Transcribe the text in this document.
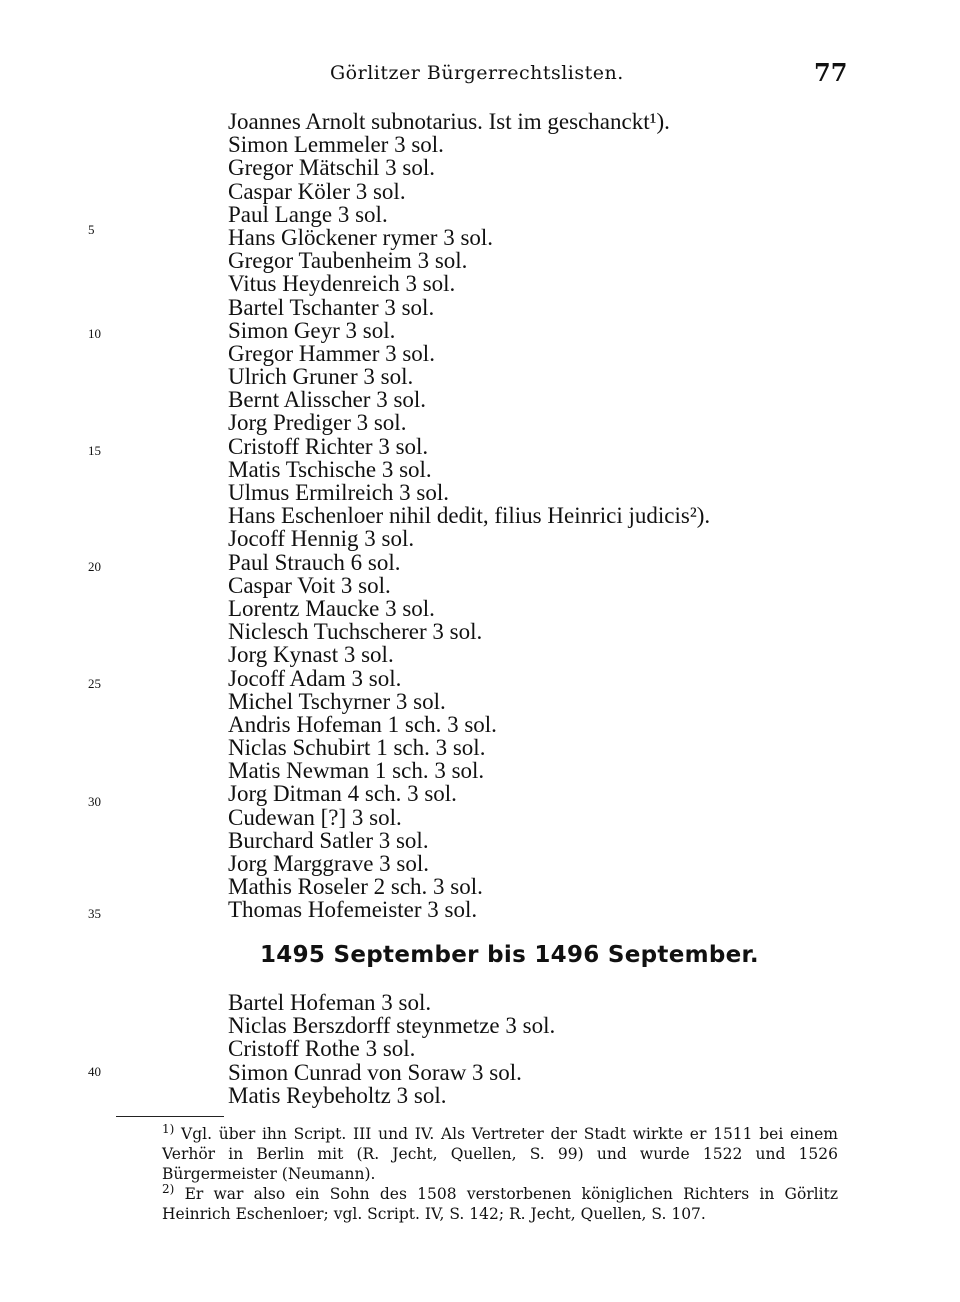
Görlitzer Bürgerrechtslisten.	77
5
10
15
20
25
30
35
40
Joannes Arnolt subnotarius. Ist im geschanckt¹).
Simon Lemmeler 3 sol.
Gregor Mätschil 3 sol.
Caspar Köler 3 sol.
Paul Lange 3 sol.
Hans Glöckener rymer 3 sol.
Gregor Taubenheim 3 sol.
Vitus Heydenreich 3 sol.
Bartel Tschanter 3 sol.
Simon Geyr 3 sol.
Gregor Hammer 3 sol.
Ulrich Gruner 3 sol.
Bernt Alisscher 3 sol.
Jorg Prediger 3 sol.
Cristoff Richter 3 sol.
Matis Tschische 3 sol.
Ulmus Ermilreich 3 sol.
Hans Eschenloer nihil dedit, filius Heinrici judicis²).
Jocoff Hennig 3 sol.
Paul Strauch 6 sol.
Caspar Voit 3 sol.
Lorentz Maucke 3 sol.
Niclesch Tuchscherer 3 sol.
Jorg Kynast 3 sol.
Jocoff Adam 3 sol.
Michel Tschyrner 3 sol.
Andris Hofeman 1 sch. 3 sol.
Niclas Schubirt 1 sch. 3 sol.
Matis Newman 1 sch. 3 sol.
Jorg Ditman 4 sch. 3 sol.
Cudewan [?] 3 sol.
Burchard Satler 3 sol.
Jorg Marggrave 3 sol.
Mathis Roseler 2 sch. 3 sol.
Thomas Hofemeister 3 sol.
1495 September bis 1496 September.
Bartel Hofeman 3 sol.
Niclas Berszdorff steynmetze 3 sol.
Cristoff Rothe 3 sol.
Simon Cunrad von Soraw 3 sol.
Matis Reybeholtz 3 sol.

$^{1)}$ Vgl. über ihn Script. III und IV. Als Vertreter der Stadt wirkte er 1511 bei einem Verhör in Berlin mit (R. Jecht, Quellen, S. 99) und wurde 1522 und 1526 Bürgermeister (Neumann).

$^{2)}$ Er war also ein Sohn des 1508 verstorbenen königlichen Richters in Görlitz Heinrich Eschenloer; vgl. Script. IV, S. 142; R. Jecht, Quellen, S. 107.
